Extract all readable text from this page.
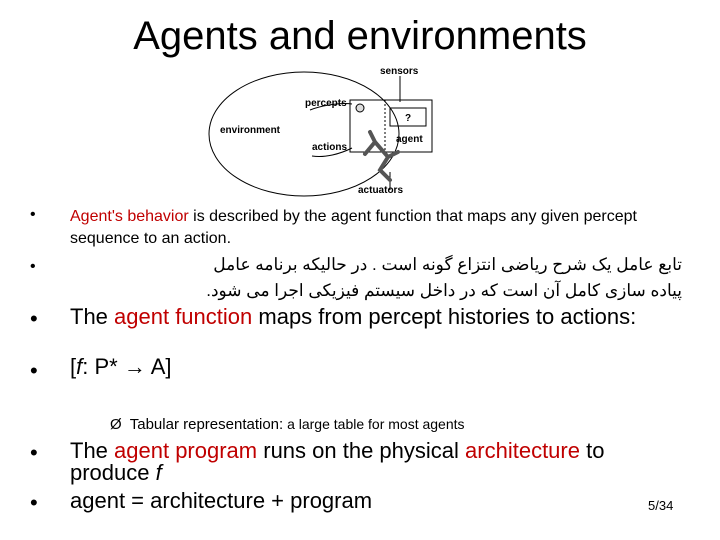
Agents and environments
sensors
percepts
environment
actions
?
agent
actuators
• Agent's behavior is described by the agent function that maps any given percept sequence to an action.
•	تابع عامل یک شرح ریاضی انتزاع گونه است . در حالیکه برنامه عامل
پیاده سازی کامل آن است که در داخل سیستم فیزیکی اجرا می شود.
• The agent function maps from percept histories to actions:
• [f: P* → A]
Ø Tabular representation: a large table for most agents
• The agent program runs on the physical architecture to produce f
• agent = architecture + program	5/34
